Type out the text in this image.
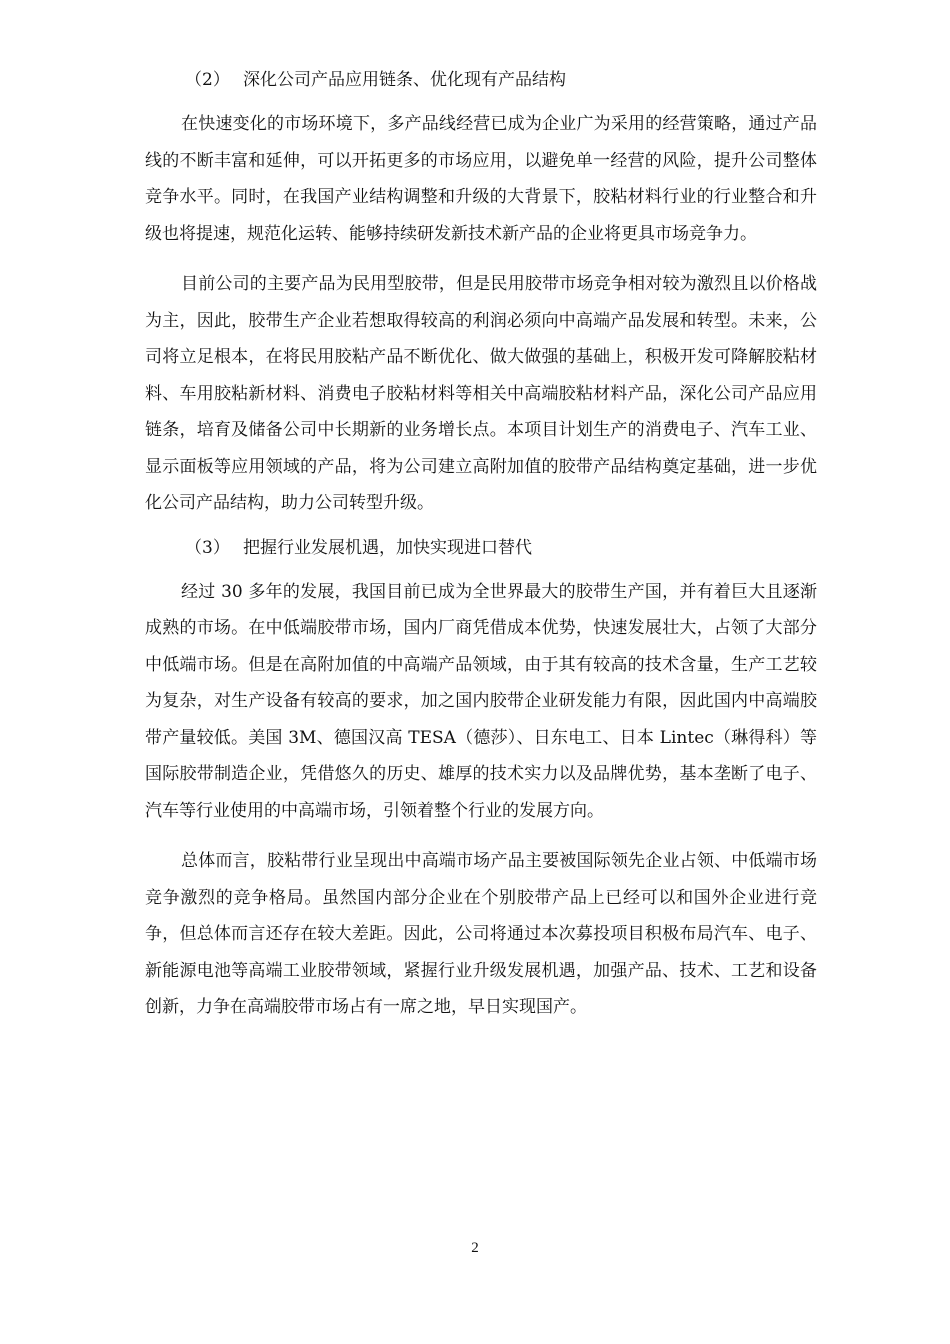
（2） 深化公司产品应用链条、优化现有产品结构

在快速变化的市场环境下，多产品线经营已成为企业广为采用的经营策略，通过产品线的不断丰富和延伸，可以开拓更多的市场应用，以避免单一经营的风险，提升公司整体竞争水平。同时，在我国产业结构调整和升级的大背景下，胶粘材料行业的行业整合和升级也将提速，规范化运转、能够持续研发新技术新产品的企业将更具市场竞争力。

目前公司的主要产品为民用型胶带，但是民用胶带市场竞争相对较为激烈且以价格战为主，因此，胶带生产企业若想取得较高的利润必须向中高端产品发展和转型。未来，公司将立足根本，在将民用胶粘产品不断优化、做大做强的基础上，积极开发可降解胶粘材料、车用胶粘新材料、消费电子胶粘材料等相关中高端胶粘材料产品，深化公司产品应用链条，培育及储备公司中长期新的业务增长点。本项目计划生产的消费电子、汽车工业、显示面板等应用领域的产品，将为公司建立高附加值的胶带产品结构奠定基础，进一步优化公司产品结构，助力公司转型升级。

（3） 把握行业发展机遇，加快实现进口替代

经过 30 多年的发展，我国目前已成为全世界最大的胶带生产国，并有着巨大且逐渐成熟的市场。在中低端胶带市场，国内厂商凭借成本优势，快速发展壮大，占领了大部分中低端市场。但是在高附加值的中高端产品领域，由于其有较高的技术含量，生产工艺较为复杂，对生产设备有较高的要求，加之国内胶带企业研发能力有限，因此国内中高端胶带产量较低。美国 3M、德国汉高 TESA（德莎）、日东电工、日本 Lintec（琳得科）等国际胶带制造企业，凭借悠久的历史、雄厚的技术实力以及品牌优势，基本垄断了电子、汽车等行业使用的中高端市场，引领着整个行业的发展方向。

总体而言，胶粘带行业呈现出中高端市场产品主要被国际领先企业占领、中低端市场竞争激烈的竞争格局。虽然国内部分企业在个别胶带产品上已经可以和国外企业进行竞争，但总体而言还存在较大差距。因此，公司将通过本次募投项目积极布局汽车、电子、新能源电池等高端工业胶带领域，紧握行业升级发展机遇，加强产品、技术、工艺和设备创新，力争在高端胶带市场占有一席之地，早日实现国产。

2
